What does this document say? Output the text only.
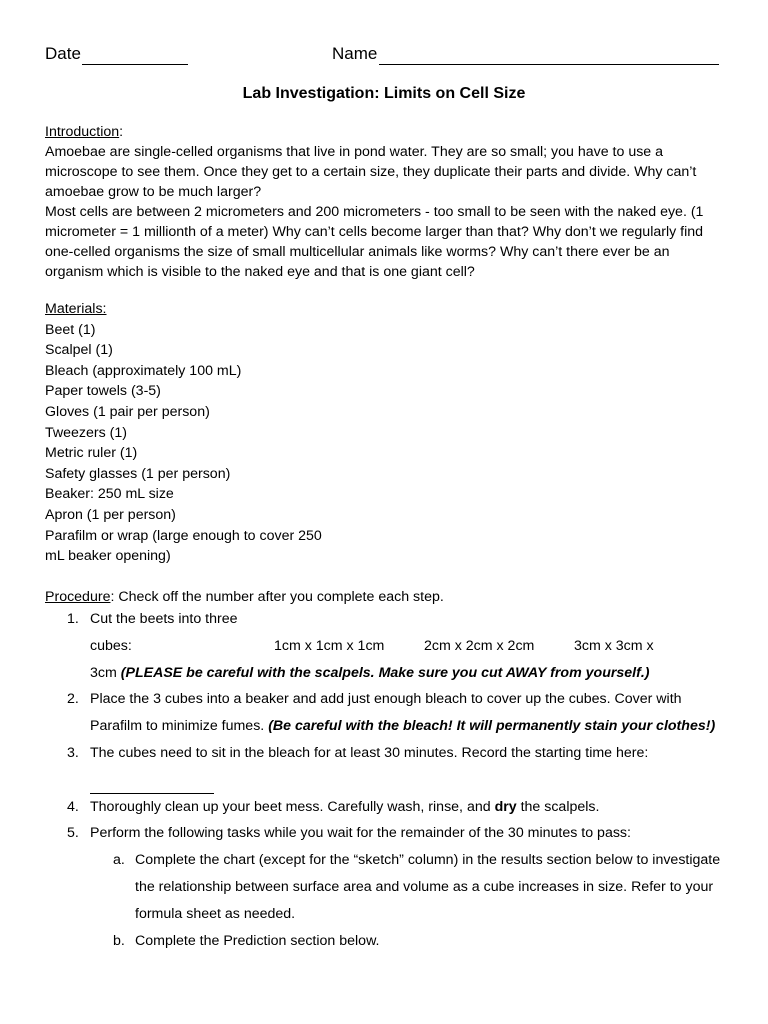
Date	Name
Lab Investigation: Limits on Cell Size

Introduction:

Amoebae are single-celled organisms that live in pond water. They are so small; you have to use a microscope to see them. Once they get to a certain size, they duplicate their parts and divide. Why can’t amoebae grow to be much larger?

Most cells are between 2 micrometers and 200 micrometers - too small to be seen with the naked eye. (1 micrometer = 1 millionth of a meter) Why can’t cells become larger than that? Why don’t we regularly find one-celled organisms the size of small multicellular animals like worms? Why can’t there ever be an organism which is visible to the naked eye and that is one giant cell?

Materials:
Beet (1)
Scalpel (1)
Bleach (approximately 100 mL)
Paper towels (3-5)
Gloves (1 pair per person)
Tweezers (1)
Metric ruler (1)
Safety glasses (1 per person)
Beaker: 250 mL size
Apron (1 per person)
Parafilm or wrap (large enough to cover 250
mL beaker opening)
Procedure: Check off the number after you complete each step.
1. Cut the beets into three cubes:	1cm x 1cm x 1cm	2cm x 2cm x 2cm	3cm x 3cm x
3cm (PLEASE be careful with the scalpels. Make sure you cut AWAY from yourself.)
2. Place the 3 cubes into a beaker and add just enough bleach to cover up the cubes. Cover with Parafilm to minimize fumes. (Be careful with the bleach! It will permanently stain your clothes!)
3. The cubes need to sit in the bleach for at least 30 minutes. Record the starting time here:

4. Thoroughly clean up your beet mess. Carefully wash, rinse, and dry the scalpels.
5. Perform the following tasks while you wait for the remainder of the 30 minutes to pass:
a. Complete the chart (except for the “sketch” column) in the results section below to investigate the relationship between surface area and volume as a cube increases in size. Refer to your formula sheet as needed.
b. Complete the Prediction section below.
